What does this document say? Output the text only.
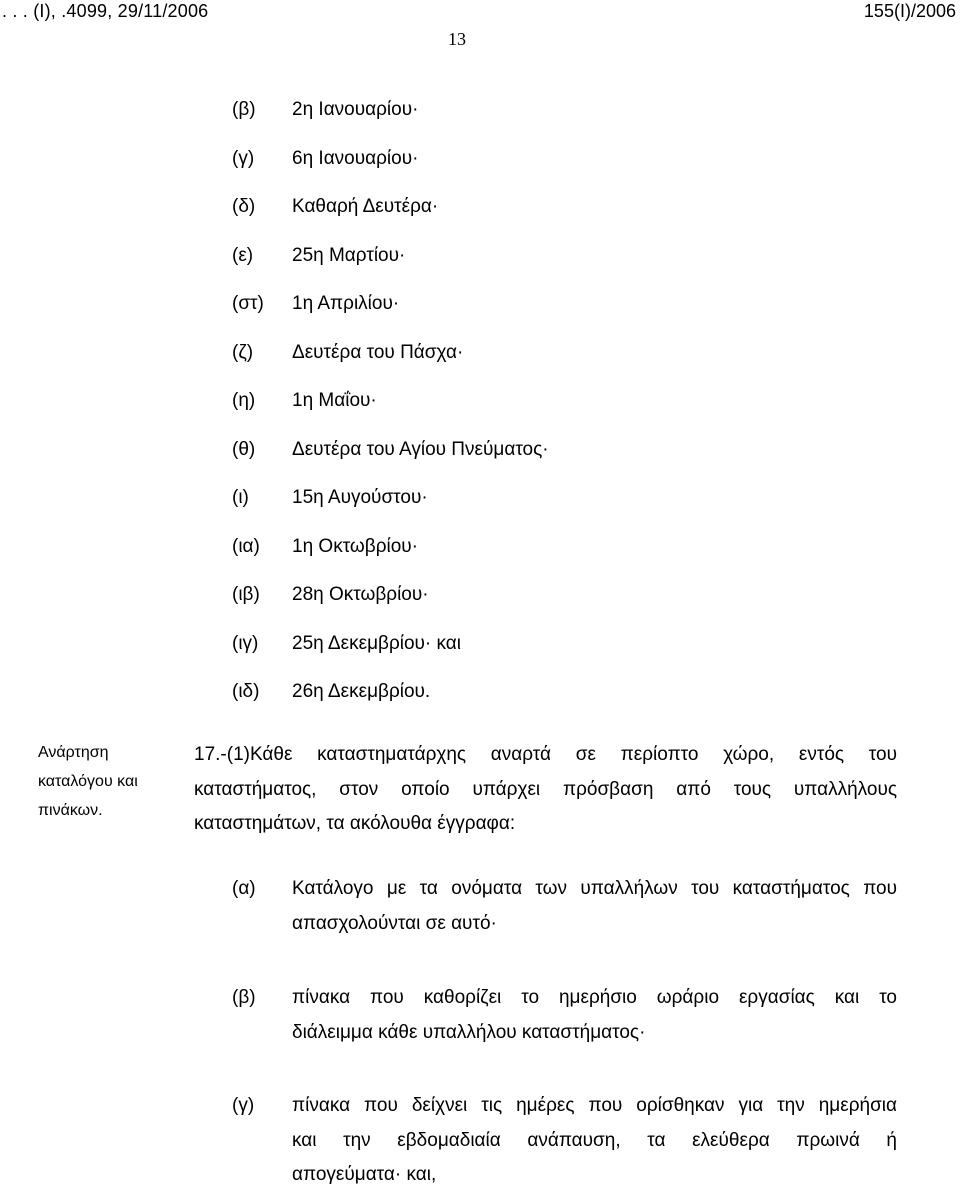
. . . (Ι), .4099, 29/11/2006	155(Ι)/2006
13
(β) 2η Ιανουαρίου·
(γ) 6η Ιανουαρίου·
(δ) Καθαρή Δευτέρα·
(ε) 25η Μαρτίου·
(στ) 1η Απριλίου·
(ζ) Δευτέρα του Πάσχα·
(η) 1η Μαΐου·
(θ) Δευτέρα του Αγίου Πνεύματος·
(ι) 15η Αυγούστου·
(ια) 1η Οκτωβρίου·
(ιβ) 28η Οκτωβρίου·
(ιγ) 25η Δεκεμβρίου· και
(ιδ) 26η Δεκεμβρίου.
Ανάρτηση
καταλόγου και
πινάκων.
17.-(1)Κάθε καταστηματάρχης αναρτά σε περίοπτο χώρο, εντός του
καταστήματος, στον οποίο υπάρχει πρόσβαση από τους υπαλλήλους
καταστημάτων, τα ακόλουθα έγγραφα:
(α) Κατάλογο με τα ονόματα των υπαλλήλων του καταστήματος που
απασχολούνται σε αυτό·
(β) πίνακα που καθορίζει το ημερήσιο ωράριο εργασίας και το
διάλειμμα κάθε υπαλλήλου καταστήματος·
(γ) πίνακα που δείχνει τις ημέρες που ορίσθηκαν για την ημερήσια
και την εβδομαδιαία ανάπαυση, τα ελεύθερα πρωινά ή
απογεύματα· και,
